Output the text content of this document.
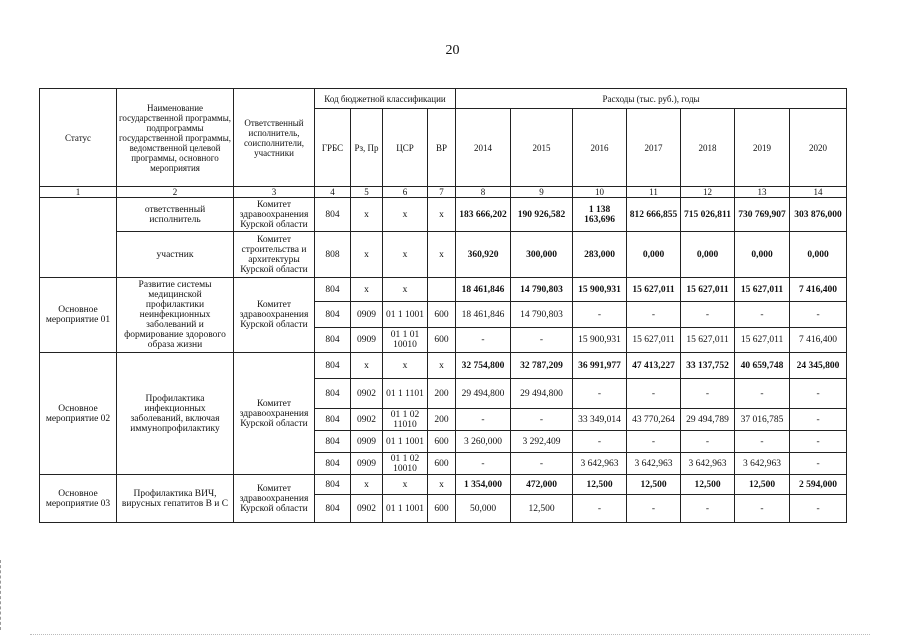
20
Статус	Наименование государственной программы, подпрограммы государственной программы, ведомственной целевой программы, основного мероприятия	Ответственный исполнитель, соисполнители, участники	Код бюджетной классификации				Расходы (тыс. руб.), годы						
			ГРБС	Рз, Пр	ЦСР	ВР	2014	2015	2016	2017	2018	2019	2020
1	2	3	4	5	6	7	8	9	10	11	12	13	14
	ответственный исполнитель	Комитет здравоохранения Курской области	804	х	х	х	183 666,202	190 926,582	1 138 163,696	812 666,855	715 026,811	730 769,907	303 876,000
	участник	Комитет строительства и архитектуры Курской области	808	х	х	х	360,920	300,000	283,000	0,000	0,000	0,000	0,000
Основное мероприятие 01	Развитие системы медицинской профилактики неинфекционных заболеваний и формирование здорового образа жизни	Комитет здравоохранения Курской области	804	х	х		18 461,846	14 790,803	15 900,931	15 627,011	15 627,011	15 627,011	7 416,400
			804	0909	01 1 1001	600	18 461,846	14 790,803	-	-	-	-	-
			804	0909	01 1 01 10010	600	-	-	15 900,931	15 627,011	15 627,011	15 627,011	7 416,400
Основное мероприятие 02	Профилактика инфекционных заболеваний, включая иммунопрофилактику	Комитет здравоохранения Курской области	804	х	х	х	32 754,800	32 787,209	36 991,977	47 413,227	33 137,752	40 659,748	24 345,800
			804	0902	01 1 1101	200	29 494,800	29 494,800	-	-	-	-	-
			804	0902	01 1 02 11010	200	-	-	33 349,014	43 770,264	29 494,789	37 016,785	-
			804	0909	01 1 1001	600	3 260,000	3 292,409	-	-	-	-	-
			804	0909	01 1 02 10010	600	-	-	3 642,963	3 642,963	3 642,963	3 642,963	-
Основное мероприятие 03	Профилактика ВИЧ, вирусных гепатитов В и С	Комитет здравоохранения Курской области	804	х	х	х	1 354,000	472,000	12,500	12,500	12,500	12,500	2 594,000
			804	0902	01 1 1001	600	50,000	12,500	-	-	-	-	-
